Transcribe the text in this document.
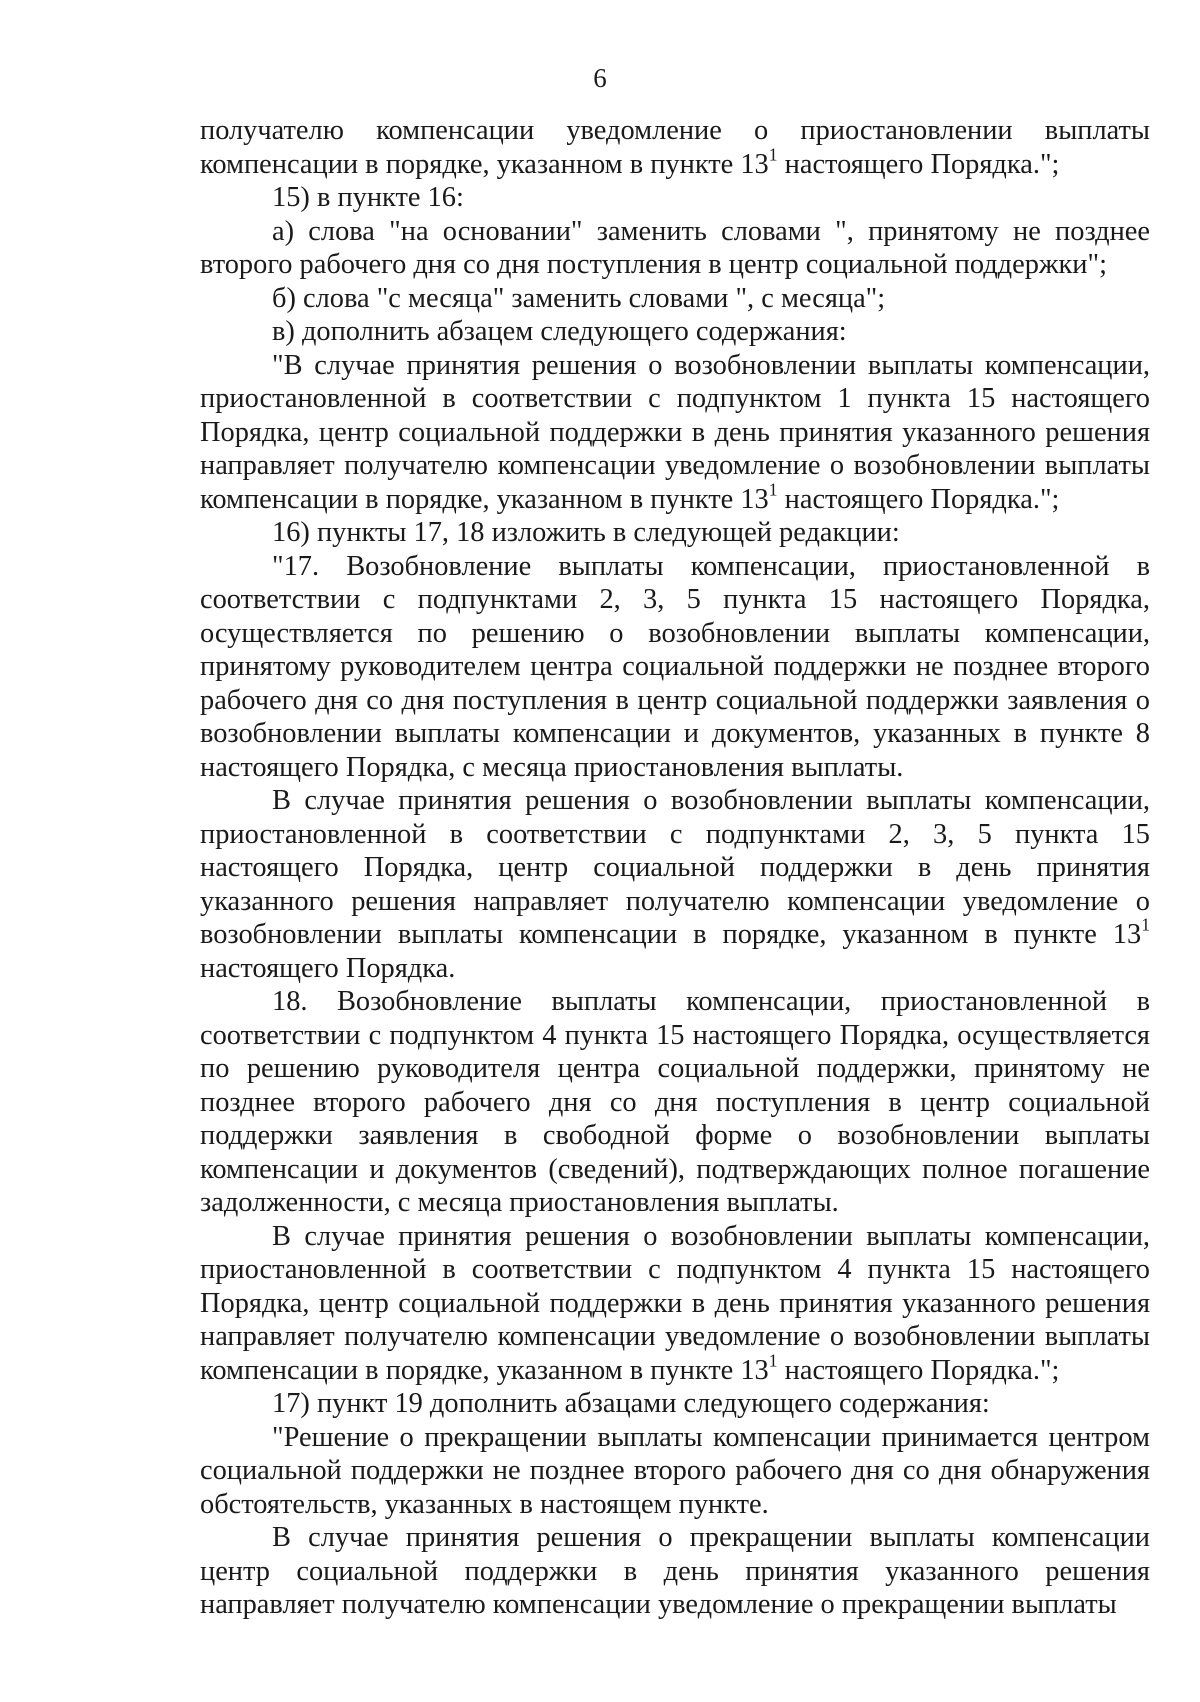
6

получателю компенсации уведомление о приостановлении выплаты компенсации в порядке, указанном в пункте $13^1$ настоящего Порядка.";

15) в пункте 16:

а) слова "на основании" заменить словами ", принятому не позднее второго рабочего дня со дня поступления в центр социальной поддержки";

б) слова "с месяца" заменить словами ", с месяца";

в) дополнить абзацем следующего содержания:

"В случае принятия решения о возобновлении выплаты компенсации, приостановленной в соответствии с подпунктом 1 пункта 15 настоящего Порядка, центр социальной поддержки в день принятия указанного решения направляет получателю компенсации уведомление о возобновлении выплаты компенсации в порядке, указанном в пункте $13^1$ настоящего Порядка.";

16) пункты 17, 18 изложить в следующей редакции:

"17. Возобновление выплаты компенсации, приостановленной в соответствии с подпунктами 2, 3, 5 пункта 15 настоящего Порядка, осуществляется по решению о возобновлении выплаты компенсации, принятому руководителем центра социальной поддержки не позднее второго рабочего дня со дня поступления в центр социальной поддержки заявления о возобновлении выплаты компенсации и документов, указанных в пункте 8 настоящего Порядка, с месяца приостановления выплаты.

В случае принятия решения о возобновлении выплаты компенсации, приостановленной в соответствии с подпунктами 2, 3, 5 пункта 15 настоящего Порядка, центр социальной поддержки в день принятия указанного решения направляет получателю компенсации уведомление о возобновлении выплаты компенсации в порядке, указанном в пункте $13^1$ настоящего Порядка.

18. Возобновление выплаты компенсации, приостановленной в соответствии с подпунктом 4 пункта 15 настоящего Порядка, осуществляется по решению руководителя центра социальной поддержки, принятому не позднее второго рабочего дня со дня поступления в центр социальной поддержки заявления в свободной форме о возобновлении выплаты компенсации и документов (сведений), подтверждающих полное погашение задолженности, с месяца приостановления выплаты.

В случае принятия решения о возобновлении выплаты компенсации, приостановленной в соответствии с подпунктом 4 пункта 15 настоящего Порядка, центр социальной поддержки в день принятия указанного решения направляет получателю компенсации уведомление о возобновлении выплаты компенсации в порядке, указанном в пункте $13^1$ настоящего Порядка.";

17) пункт 19 дополнить абзацами следующего содержания:

"Решение о прекращении выплаты компенсации принимается центром социальной поддержки не позднее второго рабочего дня со дня обнаружения обстоятельств, указанных в настоящем пункте.

В случае принятия решения о прекращении выплаты компенсации центр социальной поддержки в день принятия указанного решения направляет получателю компенсации уведомление о прекращении выплаты
